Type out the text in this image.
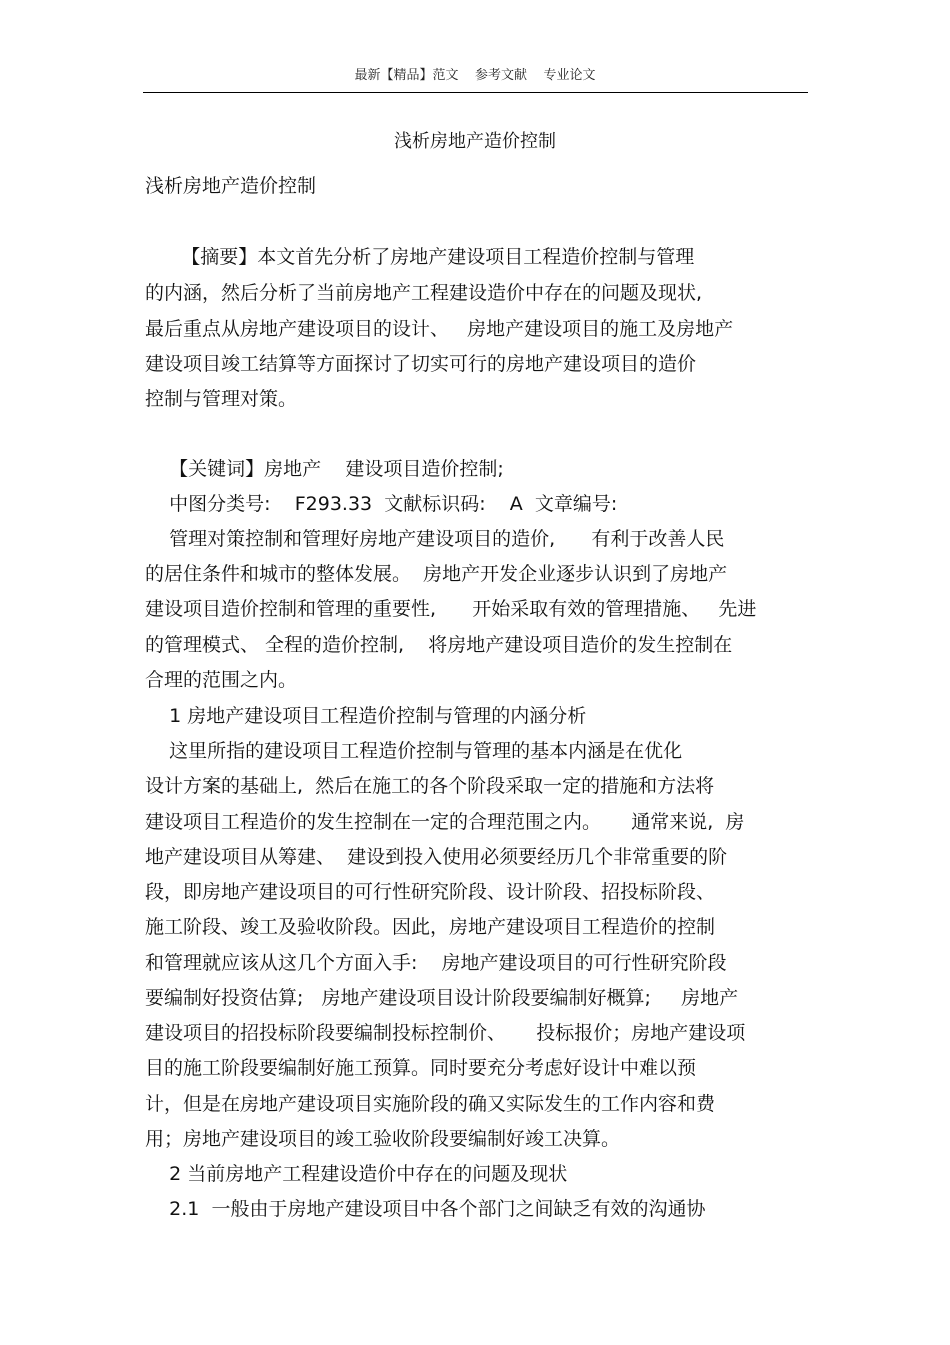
最新【精品】范文    参考文献    专业论文
浅析房地产造价控制
浅析房地产造价控制
【摘要】本文首先分析了房地产建设项目工程造价控制与管理
的内涵，然后分析了当前房地产工程建设造价中存在的问题及现状,
最后重点从房地产建设项目的设计、   房地产建设项目的施工及房地产
建设项目竣工结算等方面探讨了切实可行的房地产建设项目的造价
控制与管理对策。
【关键词】房地产    建设项目造价控制;
中图分类号:    F293.33  文献标识码:    A  文章编号:
管理对策控制和管理好房地产建设项目的造价,      有利于改善人民
的居住条件和城市的整体发展。  房地产开发企业逐步认识到了房地产
建设项目造价控制和管理的重要性,      开始采取有效的管理措施、   先进
的管理模式、 全程的造价控制,    将房地产建设项目造价的发生控制在
合理的范围之内。
1 房地产建设项目工程造价控制与管理的内涵分析
这里所指的建设项目工程造价控制与管理的基本内涵是在优化
设计方案的基础上,  然后在施工的各个阶段采取一定的措施和方法将
建设项目工程造价的发生控制在一定的合理范围之内。     通常来说,  房
地产建设项目从筹建、  建设到投入使用必须要经历几个非常重要的阶
段，即房地产建设项目的可行性研究阶段、设计阶段、招投标阶段、
施工阶段、竣工及验收阶段。因此，房地产建设项目工程造价的控制
和管理就应该从这几个方面入手:    房地产建设项目的可行性研究阶段
要编制好投资估算;   房地产建设项目设计阶段要编制好概算;     房地产
建设项目的招投标阶段要编制投标控制价、     投标报价；房地产建设项
目的施工阶段要编制好施工预算。同时要充分考虑好设计中难以预
计，但是在房地产建设项目实施阶段的确又实际发生的工作内容和费
用；房地产建设项目的竣工验收阶段要编制好竣工决算。
2 当前房地产工程建设造价中存在的问题及现状
2.1  一般由于房地产建设项目中各个部门之间缺乏有效的沟通协
